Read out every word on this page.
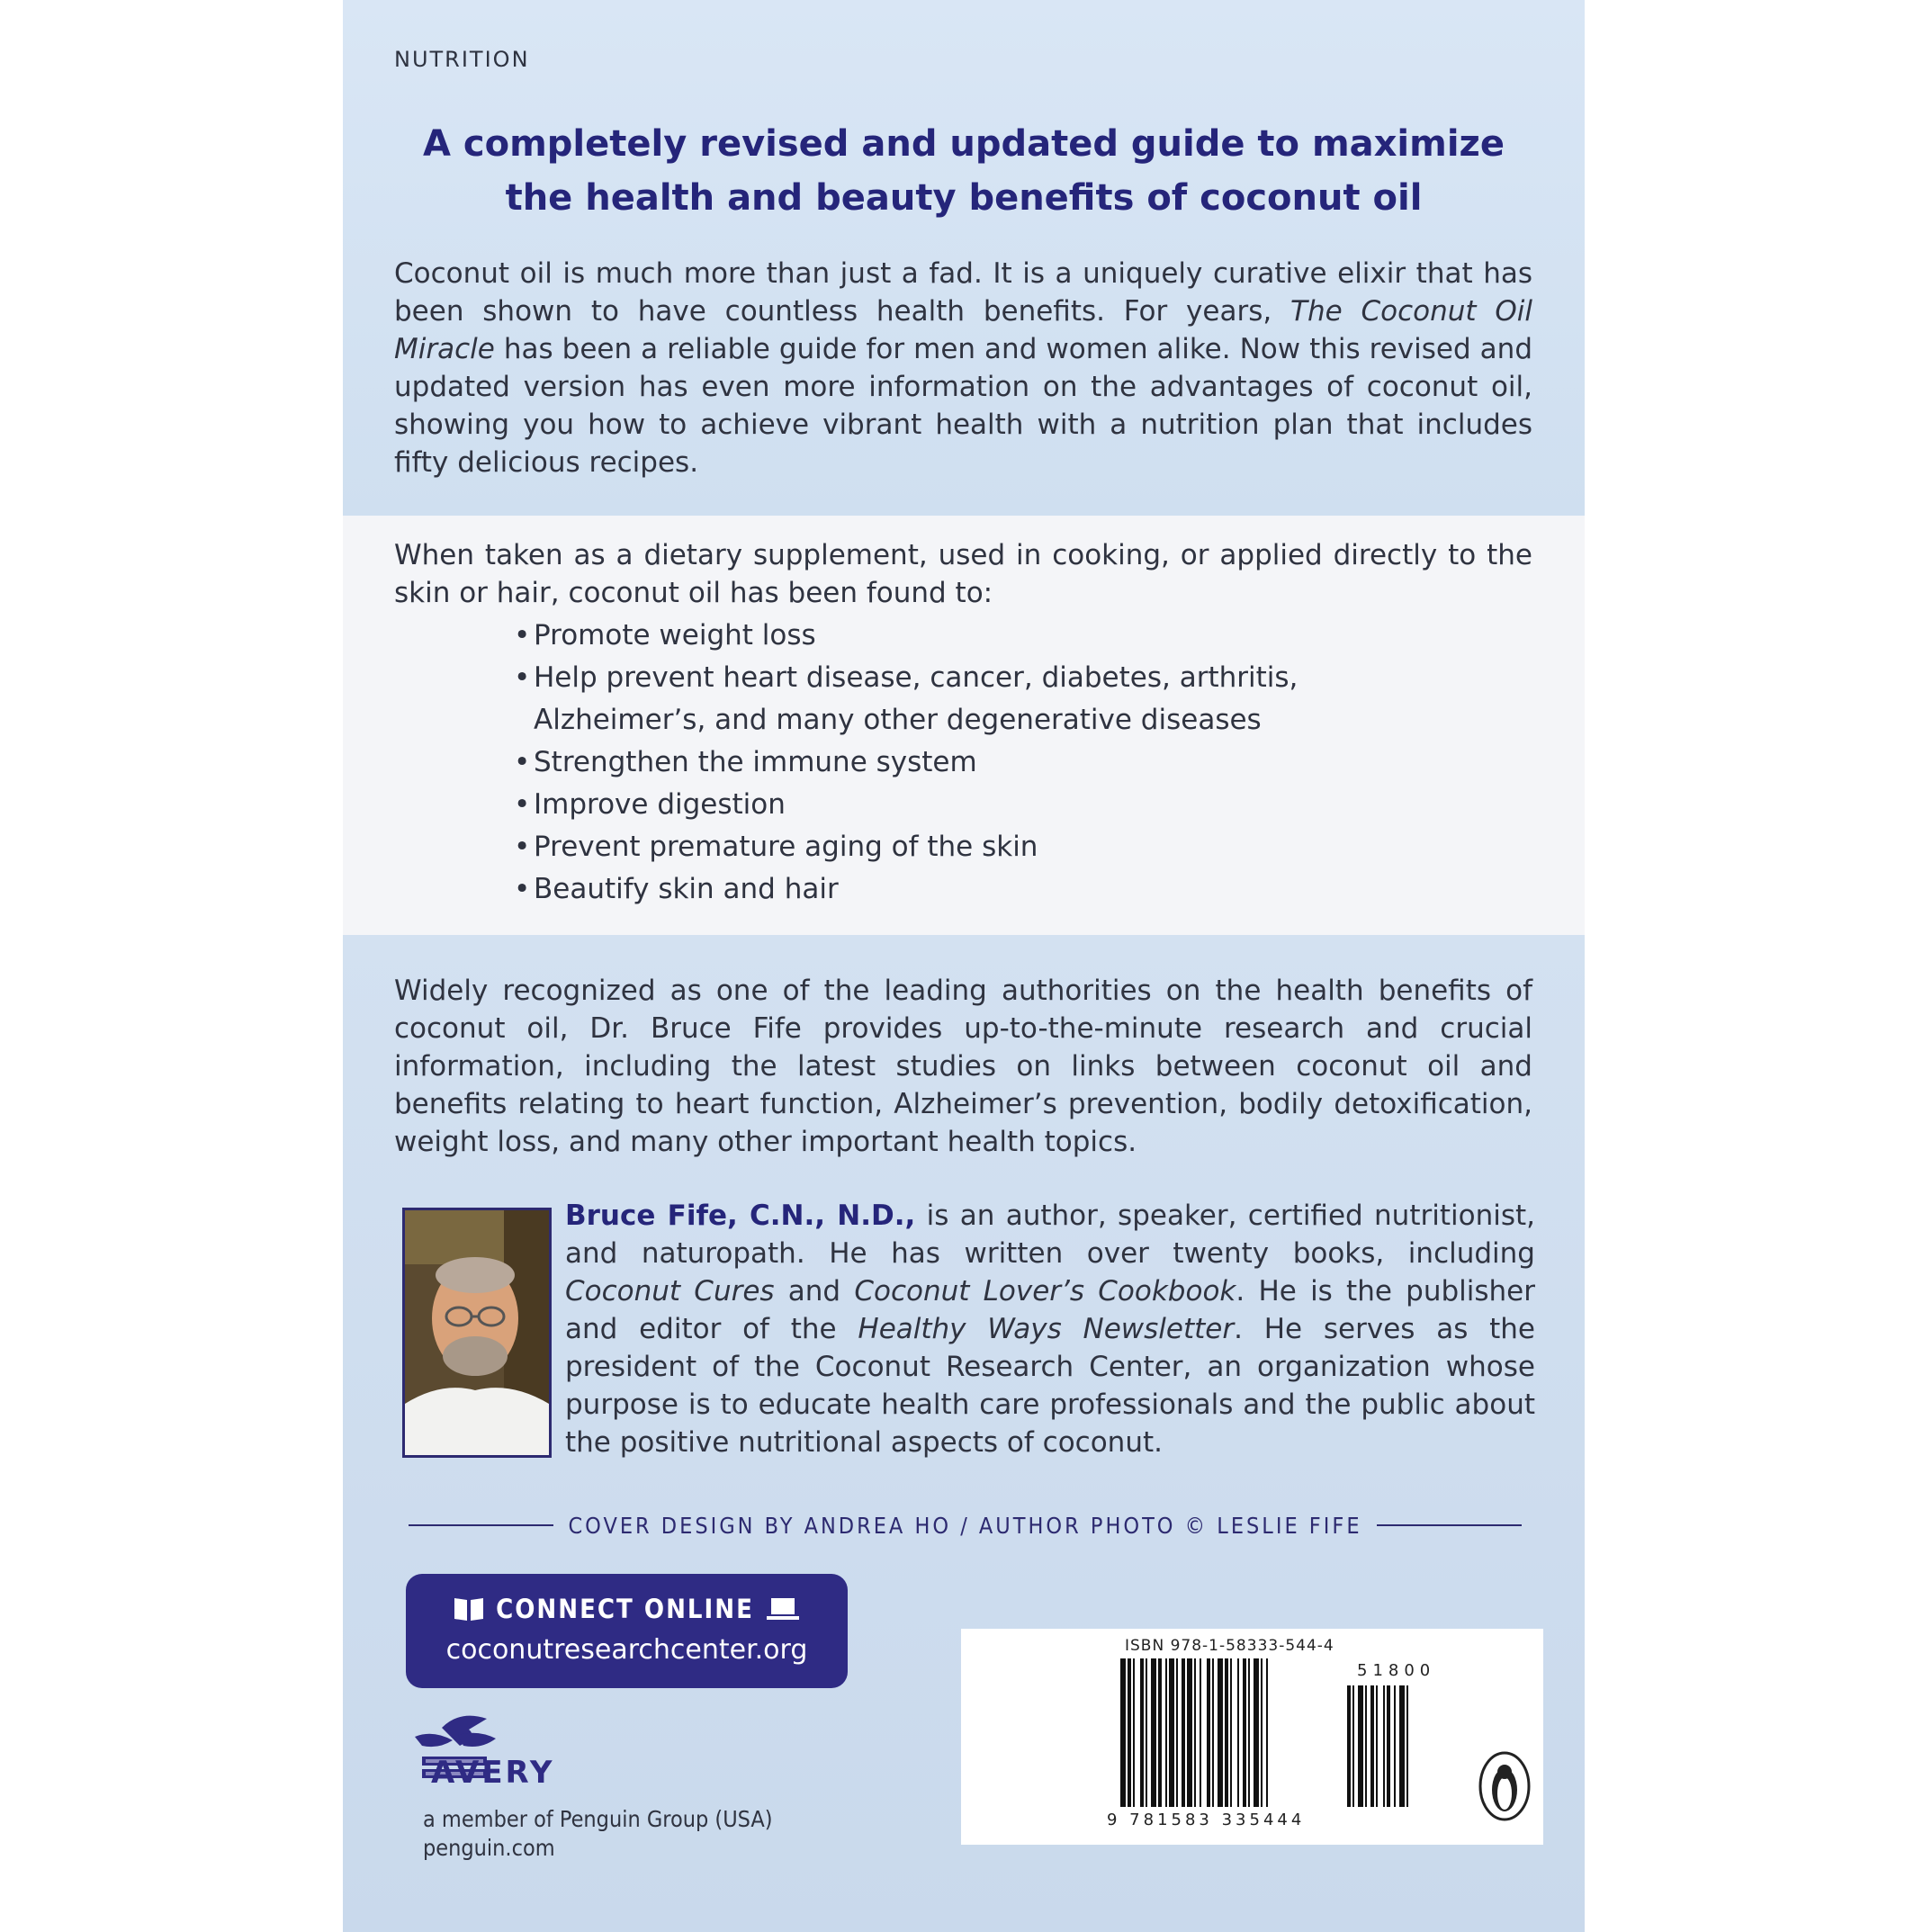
NUTRITION
A completely revised and updated guide to maximize
the health and beauty benefits of coconut oil

Coconut oil is much more than just a fad. It is a uniquely curative elixir that has been shown to have countless health benefits. For years, The Coconut Oil Miracle has been a reliable guide for men and women alike. Now this revised and updated version has even more information on the advantages of coconut oil, showing you how to achieve vibrant health with a nutrition plan that includes fifty delicious recipes.

When taken as a dietary supplement, used in cooking, or applied directly to the skin or hair, coconut oil has been found to:

• Promote weight loss
• Help prevent heart disease, cancer, diabetes, arthritis, Alzheimer’s, and many other degenerative diseases
• Strengthen the immune system
• Improve digestion
• Prevent premature aging of the skin
• Beautify skin and hair

Widely recognized as one of the leading authorities on the health benefits of coconut oil, Dr. Bruce Fife provides up-to-the-minute research and crucial information, including the latest studies on links between coconut oil and benefits relating to heart function, Alzheimer’s prevention, bodily detoxification, weight loss, and many other important health topics.

Bruce Fife, C.N., N.D., is an author, speaker, certified nutritionist, and naturopath. He has written over twenty books, including Coconut Cures and Coconut Lover’s Cookbook. He is the publisher and editor of the Healthy Ways Newsletter. He serves as the president of the Coconut Research Center, an organization whose purpose is to educate health care professionals and the public about the positive nutritional aspects of coconut.

COVER DESIGN BY ANDREA HO / AUTHOR PHOTO © LESLIE FIFE
CONNECT ONLINE
coconutresearchcenter.org
AVERY
a member of Penguin Group (USA)
penguin.com
ISBN 978-1-58333-544-4
51800
9 781583 335444
